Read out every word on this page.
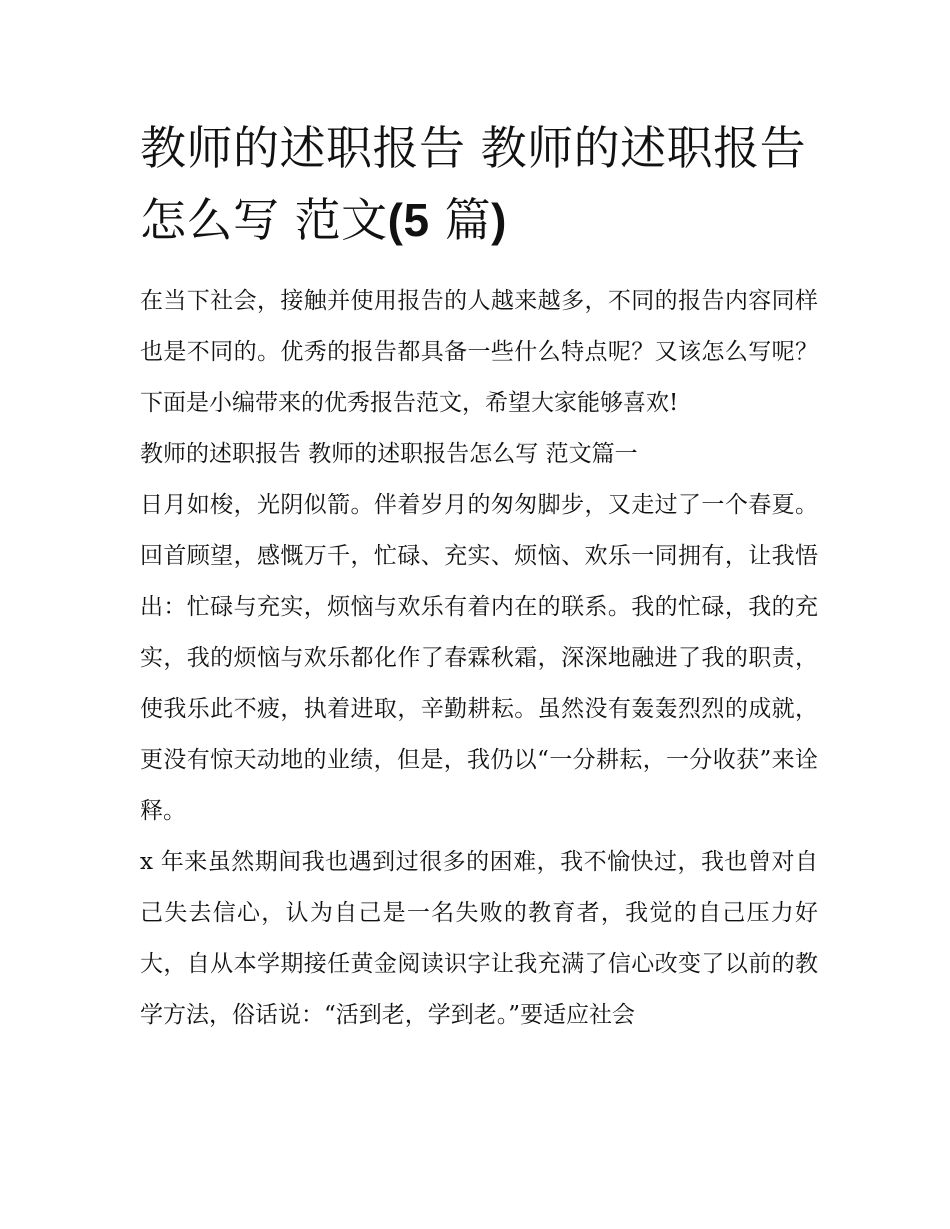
教师的述职报告 教师的述职报告怎么写 范文(5 篇)

在当下社会，接触并使用报告的人越来越多，不同的报告内容同样也是不同的。优秀的报告都具备一些什么特点呢？又该怎么写呢？下面是小编带来的优秀报告范文，希望大家能够喜欢!

教师的述职报告 教师的述职报告怎么写 范文篇一

日月如梭，光阴似箭。伴着岁月的匆匆脚步，又走过了一个春夏。回首顾望，感慨万千，忙碌、充实、烦恼、欢乐一同拥有，让我悟出：忙碌与充实，烦恼与欢乐有着内在的联系。我的忙碌，我的充实，我的烦恼与欢乐都化作了春霖秋霜，深深地融进了我的职责，使我乐此不疲，执着进取，辛勤耕耘。虽然没有轰轰烈烈的成就，更没有惊天动地的业绩，但是，我仍以“一分耕耘，一分收获”来诠释。

x 年来虽然期间我也遇到过很多的困难，我不愉快过，我也曾对自己失去信心，认为自己是一名失败的教育者，我觉的自己压力好大，自从本学期接任黄金阅读识字让我充满了信心改变了以前的教学方法，俗话说：“活到老，学到老。”要适应社会
